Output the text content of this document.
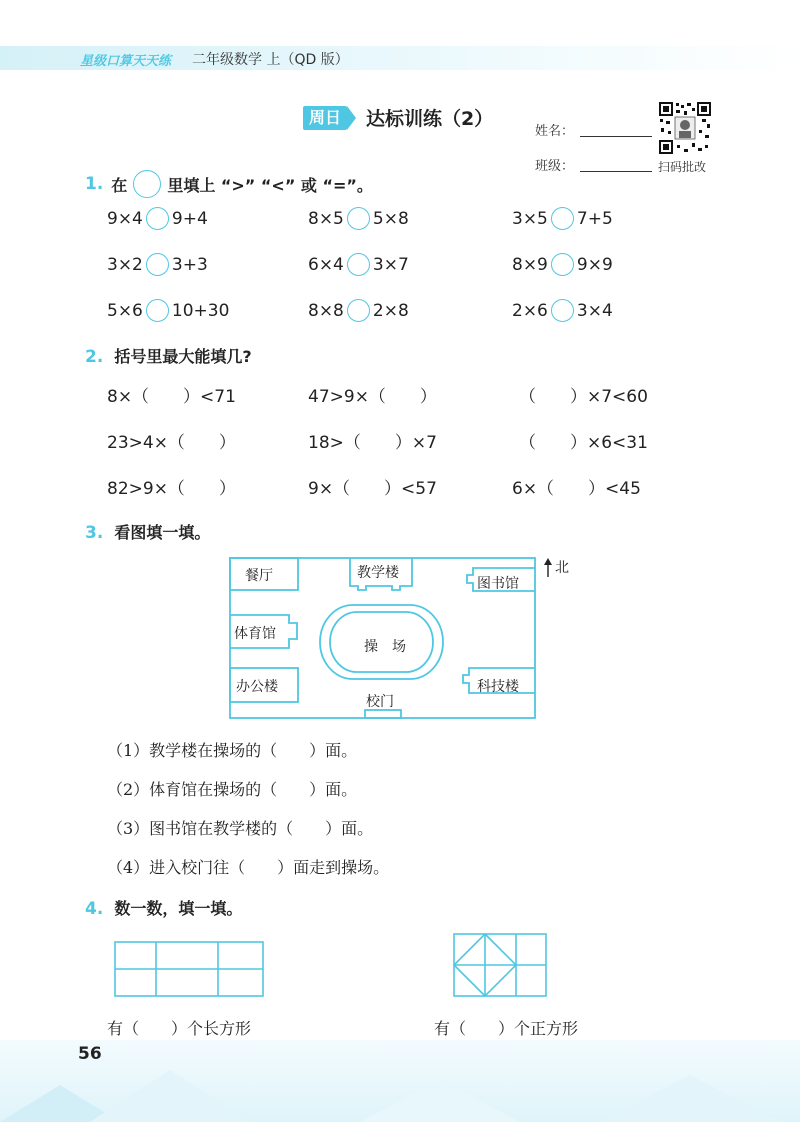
星级口算天天练 二年级数学 上（QD 版）
周日	达标训练（2）
姓名：
班级：	扫码批改
1. 在	里填上 “>” “<” 或 “=”。
9×4 9+4	8×5 5×8	3×5 7+5
3×2 3+3	6×4 3×7	8×9 9×9
5×6 10+30	8×8 2×8	2×6 3×4
2. 括号里最大能填几?
8×（　　）<71	47>9×（　　）	（　　）×7<60
23>4×（　　）	18>（　　）×7	（　　）×6<31
82>9×（　　）	9×（　　）<57	6×（　　）<45
3. 看图填一填。
餐厅	教学楼
图书馆
体育馆
操　场
办公楼	科技楼
校门
北
（1）教学楼在操场的（　　）面。
（2）体育馆在操场的（　　）面。
（3）图书馆在教学楼的（　　）面。
（4）进入校门往（　　）面走到操场。
4. 数一数，填一填。
有（　　）个长方形	有（　　）个正方形
56
